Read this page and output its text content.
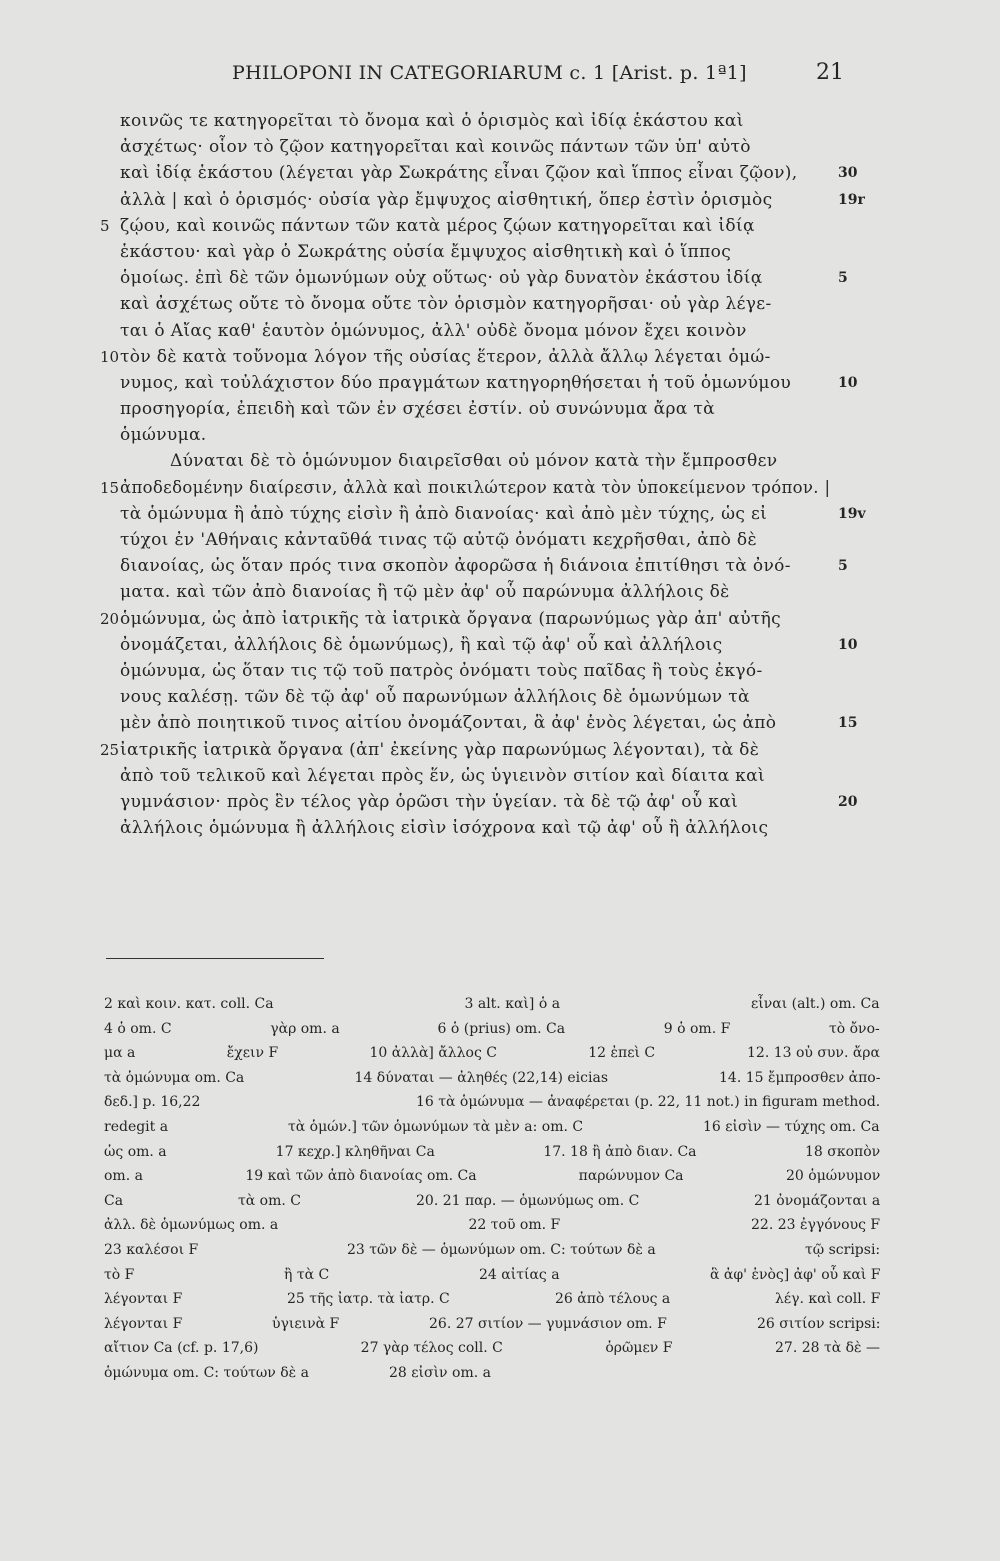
PHILOPONI IN CATEGORIARUM c. 1 [Arist. p. 1ª1]	21
κοινῶς τε κατηγορεῖται τὸ ὄνομα καὶ ὁ ὁρισμὸς καὶ ἰδίᾳ ἑκάστου καὶ
ἀσχέτως· οἷον τὸ ζῷον κατηγορεῖται καὶ κοινῶς πάντων τῶν ὑπ' αὐτὸ
καὶ ἰδίᾳ ἑκάστου (λέγεται γὰρ Σωκράτης εἶναι ζῷον καὶ ἵππος εἶναι ζῷον),	30
ἀλλὰ | καὶ ὁ ὁρισμός· οὐσία γὰρ ἔμψυχος αἰσθητική, ὅπερ ἐστὶν ὁρισμὸς	19r
5 ζῴου, καὶ κοινῶς πάντων τῶν κατὰ μέρος ζῴων κατηγορεῖται καὶ ἰδίᾳ
ἑκάστου· καὶ γὰρ ὁ Σωκράτης οὐσία ἔμψυχος αἰσθητικὴ καὶ ὁ ἵππος
ὁμοίως. ἐπὶ δὲ τῶν ὁμωνύμων οὐχ οὕτως· οὐ γὰρ δυνατὸν ἑκάστου ἰδίᾳ	5
καὶ ἀσχέτως οὔτε τὸ ὄνομα οὔτε τὸν ὁρισμὸν κατηγορῆσαι· οὐ γὰρ λέγε-
ται ὁ Αἴας καθ' ἑαυτὸν ὁμώνυμος, ἀλλ' οὐδὲ ὄνομα μόνον ἔχει κοινὸν
10 τὸν δὲ κατὰ τοὔνομα λόγον τῆς οὐσίας ἕτερον, ἀλλὰ ἄλλῳ λέγεται ὁμώ-
νυμος, καὶ τοὐλάχιστον δύο πραγμάτων κατηγορηθήσεται ἡ τοῦ ὁμωνύμου	10
προσηγορία, ἐπειδὴ καὶ τῶν ἐν σχέσει ἐστίν. οὐ συνώνυμα ἄρα τὰ
ὁμώνυμα.
Δύναται δὲ τὸ ὁμώνυμον διαιρεῖσθαι οὐ μόνον κατὰ τὴν ἔμπροσθεν
15 ἀποδεδομένην διαίρεσιν, ἀλλὰ καὶ ποικιλώτερον κατὰ τὸν ὑποκείμενον τρόπον. |
τὰ ὁμώνυμα ἢ ἀπὸ τύχης εἰσὶν ἢ ἀπὸ διανοίας· καὶ ἀπὸ μὲν τύχης, ὡς εἰ	19v
τύχοι ἐν 'Αθήναις κἀνταῦθά τινας τῷ αὐτῷ ὀνόματι κεχρῆσθαι, ἀπὸ δὲ
διανοίας, ὡς ὅταν πρός τινα σκοπὸν ἀφορῶσα ἡ διάνοια ἐπιτίθησι τὰ ὀνό-	5
ματα. καὶ τῶν ἀπὸ διανοίας ἢ τῷ μὲν ἀφ' οὗ παρώνυμα ἀλλήλοις δὲ
20 ὁμώνυμα, ὡς ἀπὸ ἰατρικῆς τὰ ἰατρικὰ ὄργανα (παρωνύμως γὰρ ἀπ' αὐτῆς
ὀνομάζεται, ἀλλήλοις δὲ ὁμωνύμως), ἢ καὶ τῷ ἀφ' οὗ καὶ ἀλλήλοις	10
ὁμώνυμα, ὡς ὅταν τις τῷ τοῦ πατρὸς ὀνόματι τοὺς παῖδας ἢ τοὺς ἐκγό-
νους καλέσῃ. τῶν δὲ τῷ ἀφ' οὗ παρωνύμων ἀλλήλοις δὲ ὁμωνύμων τὰ
μὲν ἀπὸ ποιητικοῦ τινος αἰτίου ὀνομάζονται, ἃ ἀφ' ἑνὸς λέγεται, ὡς ἀπὸ	15
25 ἰατρικῆς ἰατρικὰ ὄργανα (ἀπ' ἐκείνης γὰρ παρωνύμως λέγονται), τὰ δὲ
ἀπὸ τοῦ τελικοῦ καὶ λέγεται πρὸς ἕν, ὡς ὑγιεινὸν σιτίον καὶ δίαιτα καὶ
γυμνάσιον· πρὸς ἓν τέλος γὰρ ὁρῶσι τὴν ὑγείαν. τὰ δὲ τῷ ἀφ' οὗ καὶ	20
ἀλλήλοις ὁμώνυμα ἢ ἀλλήλοις εἰσὶν ἰσόχρονα καὶ τῷ ἀφ' οὗ ἢ ἀλλήλοις
2 καὶ κοιν. κατ. coll. Ca	3 alt. καὶ] ὁ a	εἶναι (alt.) om. Ca
4 ὁ om. C	γὰρ om. a	6 ὁ (prius) om. Ca	9 ὁ om. F	τὸ ὄνο-
μα a	ἔχειν F	10 ἀλλὰ] ἄλλος C	12 ἐπεὶ C	12. 13 οὐ συν. ἄρα
τὰ ὁμώνυμα om. Ca	14 δύναται — ἀληθές (22,14) eicias	14. 15 ἔμπροσθεν ἀπο-
δεδ.] p. 16,22	16 τὰ ὁμώνυμα — ἀναφέρεται (p. 22, 11 not.) in figuram method.
redegit a	τὰ ὁμών.] τῶν ὁμωνύμων τὰ μὲν a: om. C	16 εἰσὶν — τύχης om. Ca
ὡς om. a	17 κεχρ.] κληθῆναι Ca	17. 18 ἢ ἀπὸ διαν. Ca	18 σκοπὸν
om. a	19 καὶ τῶν ἀπὸ διανοίας om. Ca	παρώνυμον Ca	20 ὁμώνυμον
Ca	τὰ om. C	20. 21 παρ. — ὁμωνύμως om. C	21 ὀνομάζονται a
ἀλλ. δὲ ὁμωνύμως om. a	22 τοῦ om. F	22. 23 ἐγγόνους F
23 καλέσοι F	23 τῶν δὲ — ὁμωνύμων om. C: τούτων δὲ a	τῷ scripsi:
τὸ F	ἢ τὰ C	24 αἰτίας a	ἃ ἀφ' ἑνὸς] ἀφ' οὗ καὶ F
λέγονται F	25 τῆς ἰατρ. τὰ ἰατρ. C	26 ἀπὸ τέλους a	λέγ. καὶ coll. F
λέγονται F	ὑγιεινὰ F	26. 27 σιτίον — γυμνάσιον om. F	26 σιτίον scripsi:
αἴτιον Ca (cf. p. 17,6)	27 γὰρ τέλος coll. C	ὁρῶμεν F	27. 28 τὰ δὲ —
ὁμώνυμα om. C: τούτων δὲ a	28 εἰσὶν om. a
